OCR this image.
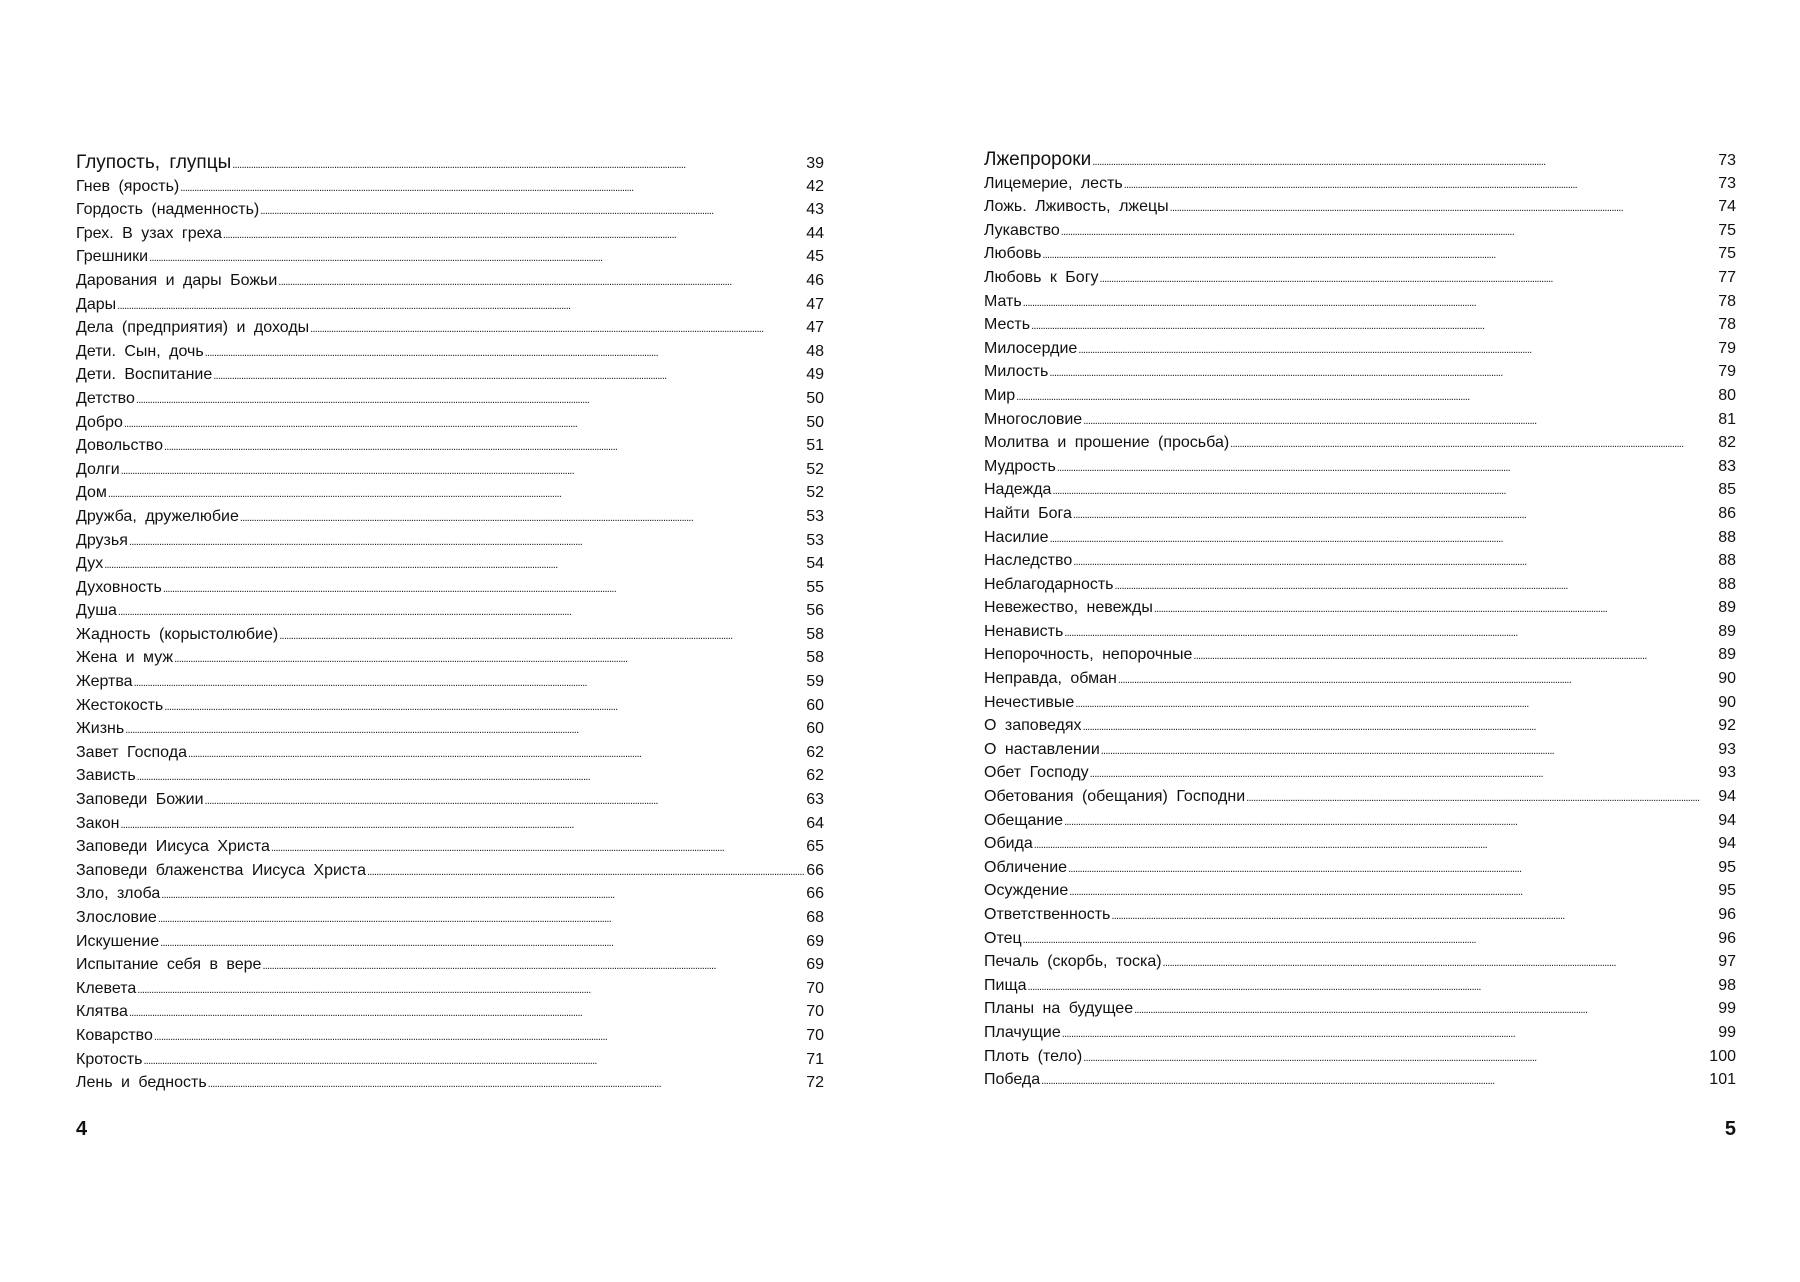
Глупость, глупцы . . .	39
Гнев (ярость) . . .	42
Гордость (надменность) . . .	43
Грех. В узах греха . . .	44
Грешники . . .	45
Дарования и дары Божьи . . .	46
Дары . . .	47
Дела (предприятия) и доходы . . .	47
Дети. Сын, дочь . . .	48
Дети. Воспитание . . .	49
Детство . . .	50
Добро . . .	50
Довольство . . .	51
Долги . . .	52
Дом . . .	52
Дружба, дружелюбие . . .	53
Друзья . . .	53
Дух . . .	54
Духовность . . .	55
Душа . . .	56
Жадность (корыстолюбие) . . .	58
Жена и муж . . .	58
Жертва . . .	59
Жестокость . . .	60
Жизнь . . .	60
Завет Господа . . .	62
Зависть . . .	62
Заповеди Божии . . .	63
Закон . . .	64
Заповеди Иисуса Христа . . .	65
Заповеди блаженства Иисуса Христа . . .	66
Зло, злоба . . .	66
Злословие . . .	68
Искушение . . .	69
Испытание себя в вере . . .	69
Клевета . . .	70
Клятва . . .	70
Коварство . . .	70
Кротость . . .	71
Лень и бедность . . .	72
4
Лжепророки . . .	73
Лицемерие, лесть . . .	73
Ложь. Лживость, лжецы . . .	74
Лукавство . . .	75
Любовь . . .	75
Любовь к Богу . . .	77
Мать . . .	78
Месть . . .	78
Милосердие . . .	79
Милость . . .	79
Мир . . .	80
Многословие . . .	81
Молитва и прошение (просьба) . . .	82
Мудрость . . .	83
Надежда . . .	85
Найти Бога . . .	86
Насилие . . .	88
Наследство . . .	88
Неблагодарность . . .	88
Невежество, невежды . . .	89
Ненависть . . .	89
Непорочность, непорочные . . .	89
Неправда, обман . . .	90
Нечестивые . . .	90
О заповедях . . .	92
О наставлении . . .	93
Обет Господу . . .	93
Обетования (обещания) Господни . . .	94
Обещание . . .	94
Обида . . .	94
Обличение . . .	95
Осуждение . . .	95
Ответственность . . .	96
Отец . . .	96
Печаль (скорбь, тоска) . . .	97
Пища . . .	98
Планы на будущее . . .	99
Плачущие . . .	99
Плоть (тело) . . .	100
Победа . . .	101
5
